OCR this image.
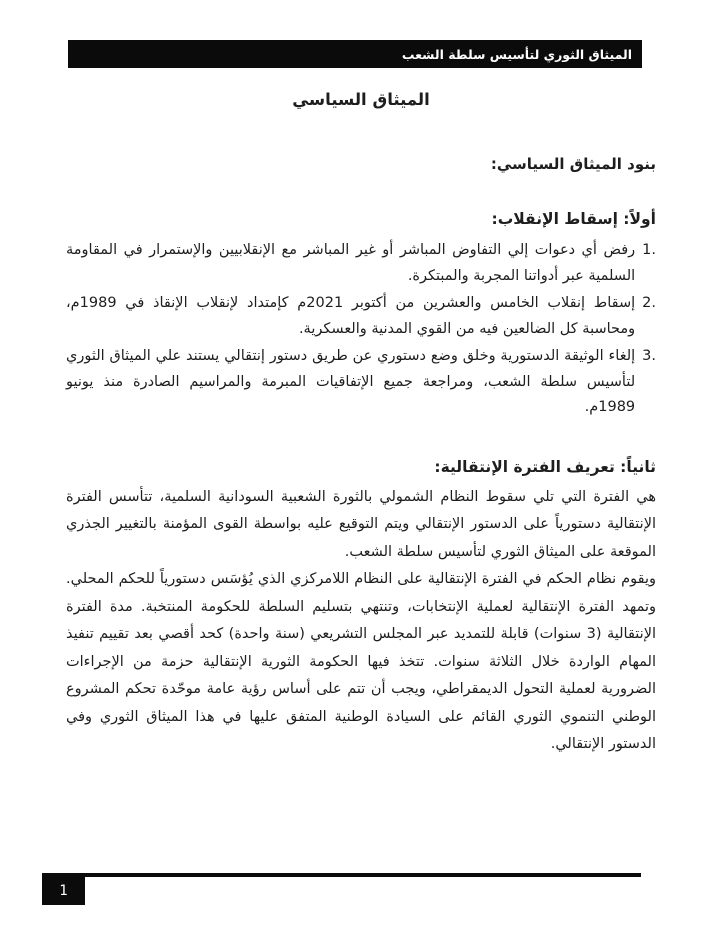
الميثاق الثوري لتأسيس سلطة الشعب
الميثاق السياسي
بنود الميثاق السياسي:
أولاً: إسقاط الإنقلاب:
1.
رفض أي دعوات إلي التفاوض المباشر أو غير المباشر مع الإنقلابيين والإستمرار في المقاومة السلمية عبر أدواتنا المجربة والمبتكرة.
2.
إسقاط إنقلاب الخامس والعشرين من أكتوبر 2021م كإمتداد لإنقلاب الإنقاذ في 1989م، ومحاسبة كل الضالعين فيه من القوي المدنية والعسكرية.
3.
إلغاء الوثيقة الدستورية وخلق وضع دستوري عن طريق دستور إنتقالي يستند علي الميثاق الثوري لتأسيس سلطة الشعب، ومراجعة جميع الإتفاقيات المبرمة والمراسيم الصادرة منذ يونيو 1989م.
ثانياً: تعريف الفترة الإنتقالية:

هي الفترة التي تلي سقوط النظام الشمولي بالثورة الشعبية السودانية السلمية، تتأسس الفترة الإنتقالية دستورياً على الدستور الإنتقالي ويتم التوقيع عليه بواسطة القوى المؤمنة بالتغيير الجذري الموقعة على الميثاق الثوري لتأسيس سلطة الشعب.

ويقوم نظام الحكم في الفترة الإنتقالية على النظام اللامركزي الذي يُؤسَس دستورياً للحكم المحلي. وتمهد الفترة الإنتقالية لعملية الإنتخابات، وتنتهي بتسليم السلطة للحكومة المنتخبة. مدة الفترة الإنتقالية (3 سنوات) قابلة للتمديد عبر المجلس التشريعي (سنة واحدة) كحد أقصي بعد تقييم تنفيذ المهام الواردة خلال الثلاثة سنوات. تتخذ فيها الحكومة الثورية الإنتقالية حزمة من الإجراءات الضرورية لعملية التحول الديمقراطي، ويجب أن تتم على أساس رؤية عامة موحّدة تحكم المشروع الوطني التنموي الثوري القائم على السيادة الوطنية المتفق عليها في هذا الميثاق الثوري وفي الدستور الإنتقالي.

1
